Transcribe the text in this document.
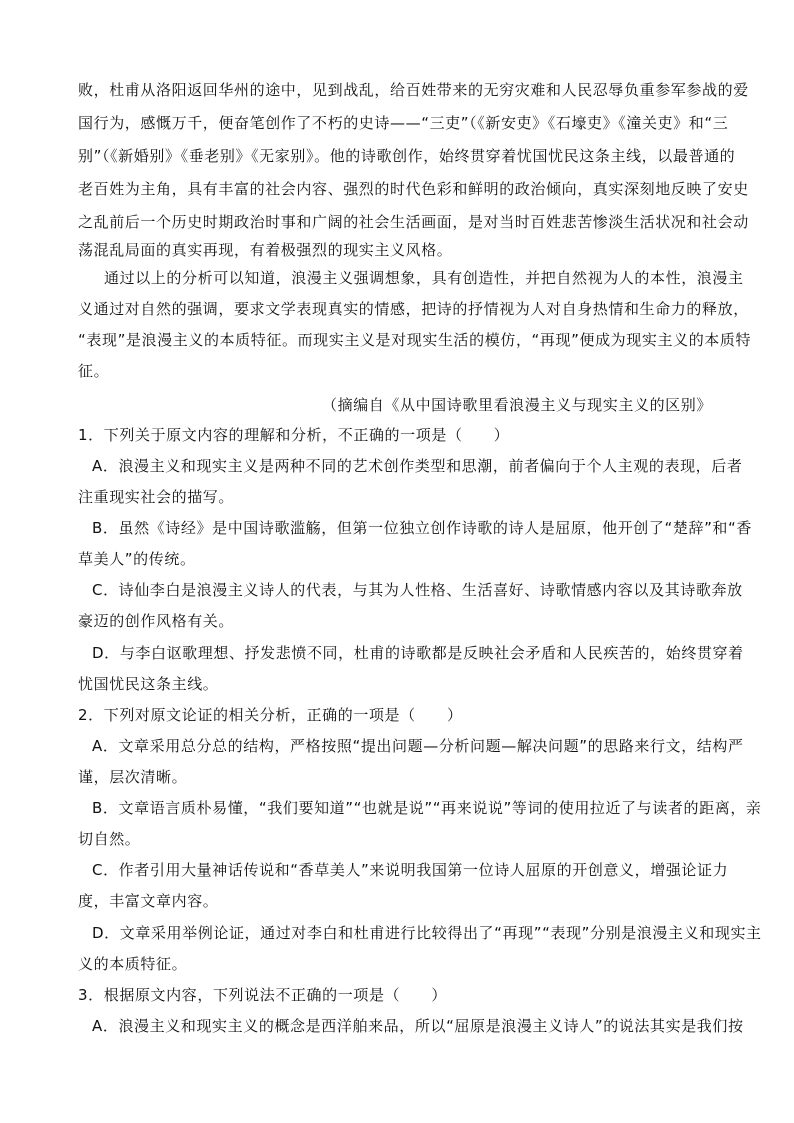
败，杜甫从洛阳返回华州的途中，见到战乱，给百姓带来的无穷灾难和人民忍辱负重参军参战的爱
国行为，感慨万千，便奋笔创作了不朽的史诗——“三吏”（《新安吏》《石壕吏》《潼关吏》和“三
别”（《新婚别》《垂老别》《无家别》。他的诗歌创作，始终贯穿着忧国忧民这条主线，以最普通的
老百姓为主角，具有丰富的社会内容、强烈的时代色彩和鲜明的政治倾向，真实深刻地反映了安史
之乱前后一个历史时期政治时事和广阔的社会生活画面，是对当时百姓悲苦惨淡生活状况和社会动
荡混乱局面的真实再现，有着极强烈的现实主义风格。
通过以上的分析可以知道，浪漫主义强调想象，具有创造性，并把自然视为人的本性，浪漫主
义通过对自然的强调，要求文学表现真实的情感，把诗的抒情视为人对自身热情和生命力的释放，
“表现”是浪漫主义的本质特征。而现实主义是对现实生活的模仿，“再现”便成为现实主义的本质特
征。
（摘编自《从中国诗歌里看浪漫主义与现实主义的区别》
1．下列关于原文内容的理解和分析，不正确的一项是（　　）
A．浪漫主义和现实主义是两种不同的艺术创作类型和思潮，前者偏向于个人主观的表现，后者
注重现实社会的描写。
B．虽然《诗经》是中国诗歌滥觞，但第一位独立创作诗歌的诗人是屈原，他开创了“楚辞”和“香
草美人”的传统。
C．诗仙李白是浪漫主义诗人的代表，与其为人性格、生活喜好、诗歌情感内容以及其诗歌奔放
豪迈的创作风格有关。
D．与李白讴歌理想、抒发悲愤不同，杜甫的诗歌都是反映社会矛盾和人民疾苦的，始终贯穿着
忧国忧民这条主线。
2．下列对原文论证的相关分析，正确的一项是（　　）
A．文章采用总分总的结构，严格按照“提出问题—分析问题—解决问题”的思路来行文，结构严
谨，层次清晰。
B．文章语言质朴易懂，“我们要知道”“也就是说”“再来说说”等词的使用拉近了与读者的距离，亲
切自然。
C．作者引用大量神话传说和“香草美人”来说明我国第一位诗人屈原的开创意义，增强论证力
度，丰富文章内容。
D．文章采用举例论证，通过对李白和杜甫进行比较得出了“再现”“表现”分别是浪漫主义和现实主
义的本质特征。
3．根据原文内容，下列说法不正确的一项是（　　）
A．浪漫主义和现实主义的概念是西洋舶来品，所以“屈原是浪漫主义诗人”的说法其实是我们按
